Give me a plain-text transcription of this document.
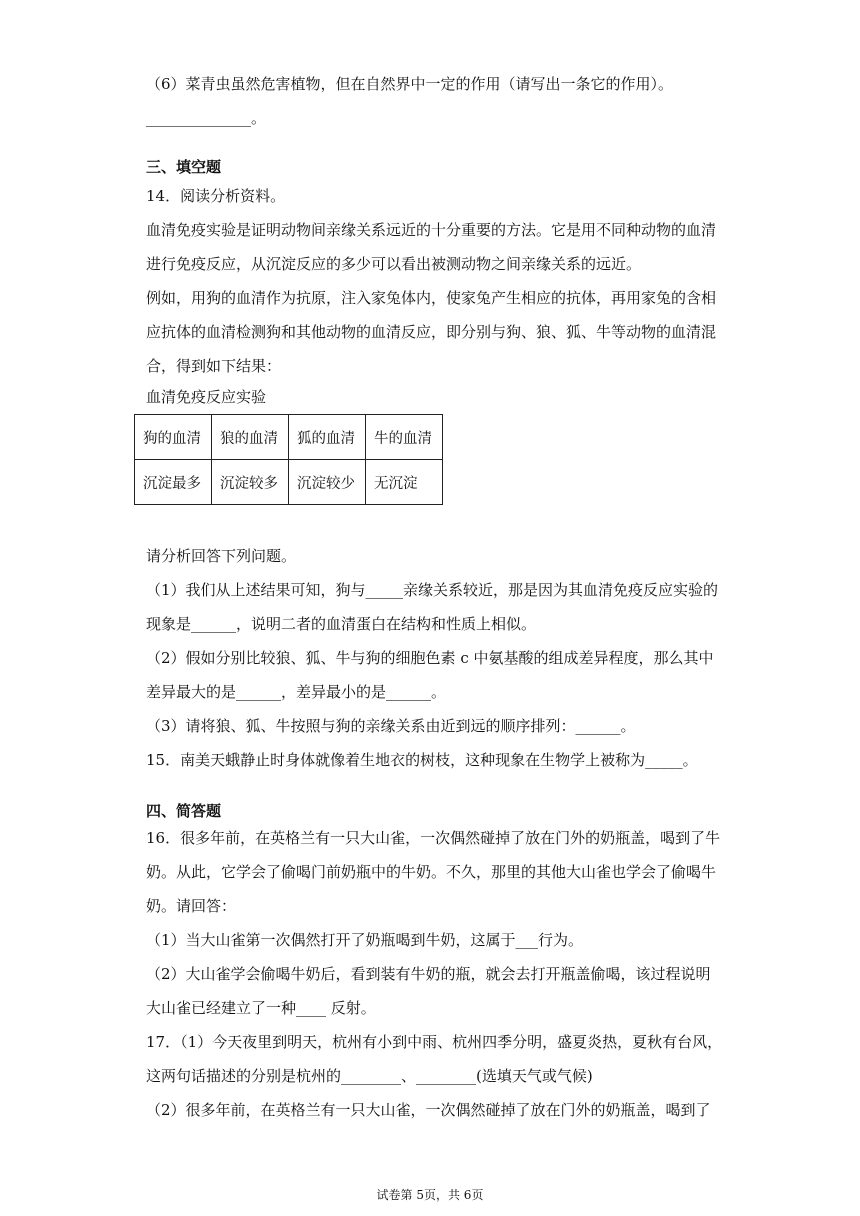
（6）菜青虫虽然危害植物，但在自然界中一定的作用（请写出一条它的作用）。
______________。
三、填空题
14．阅读分析资料。
血清免疫实验是证明动物间亲缘关系远近的十分重要的方法。它是用不同种动物的血清
进行免疫反应，从沉淀反应的多少可以看出被测动物之间亲缘关系的远近。
例如，用狗的血清作为抗原，注入家兔体内，使家兔产生相应的抗体，再用家兔的含相
应抗体的血清检测狗和其他动物的血清反应，即分别与狗、狼、狐、牛等动物的血清混
合，得到如下结果：
血清免疫反应实验
狗的血清	狼的血清	狐的血清	牛的血清
沉淀最多	沉淀较多	沉淀较少	无沉淀
请分析回答下列问题。
（1）我们从上述结果可知，狗与_____亲缘关系较近，那是因为其血清免疫反应实验的
现象是______，说明二者的血清蛋白在结构和性质上相似。
（2）假如分别比较狼、狐、牛与狗的细胞色素 c 中氨基酸的组成差异程度，那么其中
差异最大的是______，差异最小的是______。
（3）请将狼、狐、牛按照与狗的亲缘关系由近到远的顺序排列：______。
15．南美天蛾静止时身体就像着生地衣的树枝，这种现象在生物学上被称为_____。
四、简答题
16．很多年前，在英格兰有一只大山雀，一次偶然碰掉了放在门外的奶瓶盖，喝到了牛
奶。从此，它学会了偷喝门前奶瓶中的牛奶。不久，那里的其他大山雀也学会了偷喝牛
奶。请回答：
（1）当大山雀第一次偶然打开了奶瓶喝到牛奶，这属于___行为。
（2）大山雀学会偷喝牛奶后，看到装有牛奶的瓶，就会去打开瓶盖偷喝，该过程说明
大山雀已经建立了一种____ 反射。
17．（1）今天夜里到明天，杭州有小到中雨、杭州四季分明，盛夏炎热，夏秋有台风，
这两句话描述的分别是杭州的________、________(选填天气或气候)
（2）很多年前，在英格兰有一只大山雀，一次偶然碰掉了放在门外的奶瓶盖，喝到了
试卷第 5页，共 6页
